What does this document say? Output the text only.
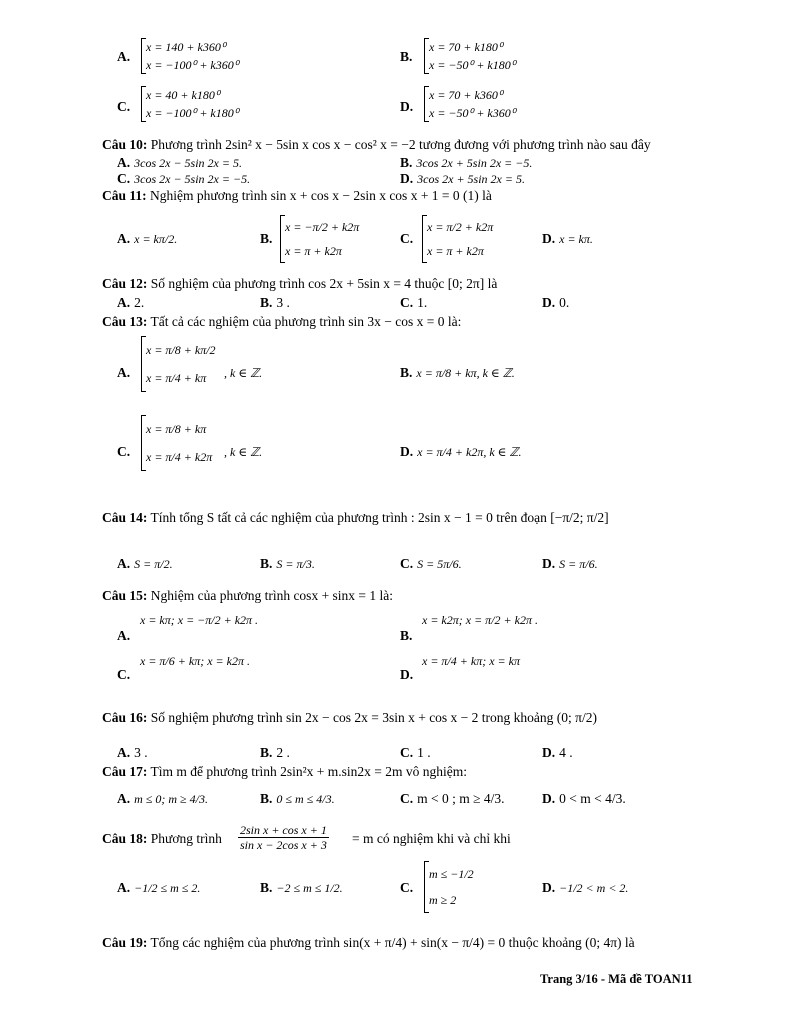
A.
x = 140 + k360⁰
x = −100⁰ + k360⁰
B.
x = 70 + k180⁰
x = −50⁰ + k180⁰
C.
x = 40 + k180⁰
x = −100⁰ + k180⁰	D.
x = 70 + k360⁰
x = −50⁰ + k360⁰
Câu 10: Phương trình 2sin² x − 5sin x cos x − cos² x = −2 tương đương với phương trình nào sau đây
A. 3cos 2x − 5sin 2x = 5.	B. 3cos 2x + 5sin 2x = −5.
C. 3cos 2x − 5sin 2x = −5.	D. 3cos 2x + 5sin 2x = 5.
Câu 11: Nghiệm phương trình sin x + cos x − 2sin x cos x + 1 = 0 (1) là
A. x = kπ/2.	B.
x = −π/2 + k2π
x = π + k2π
C.
x = π/2 + k2π
x = π + k2π
D. x = kπ.
Câu 12: Số nghiệm của phương trình cos 2x + 5sin x = 4 thuộc [0; 2π] là
A. 2.	B. 3 .	C. 1.	D. 0.
Câu 13: Tất cả các nghiệm của phương trình sin 3x − cos x = 0 là:
A.
x = π/8 + kπ/2
x = π/4 + kπ	, k ∈ ℤ.	B. x = π/8 + kπ, k ∈ ℤ.
C.
x = π/8 + kπ
x = π/4 + k2π , k ∈ ℤ.	D. x = π/4 + k2π, k ∈ ℤ.
Câu 14: Tính tổng S tất cả các nghiệm của phương trình : 2sin x − 1 = 0 trên đoạn [−π/2; π/2]
A. S = π/2.	B. S = π/3.	C. S = 5π/6.	D. S = π/6.
Câu 15: Nghiệm của phương trình cosx + sinx = 1 là:
x = kπ; x = −π/2 + k2π .
A.
x = k2π; x = π/2 + k2π .
B.
x = π/6 + kπ; x = k2π .
C.
x = π/4 + kπ; x = kπ
D.
Câu 16: Số nghiệm phương trình sin 2x − cos 2x = 3sin x + cos x − 2 trong khoảng (0; π/2)
A. 3 .	B. 2 .	C. 1 .	D. 4 .
Câu 17: Tìm m để phương trình 2sin²x + m.sin2x = 2m vô nghiệm:
A. m ≤ 0; m ≥ 4/3.	B. 0 ≤ m ≤ 4/3.	C. m < 0 ; m ≥ 4/3.	D. 0 < m < 4/3.
Câu 18: Phương trình $\frac{\text{2sin x + cos x + 1}}{\text{sin x − 2cos x + 3}} = m$ có nghiệm khi và chỉ khi
A. −1/2 ≤ m ≤ 2.	B. −2 ≤ m ≤ 1/2.	C.
m ≤ −1/2
m ≥ 2
D. −1/2 < m < 2.
Câu 19: Tổng các nghiệm của phương trình sin(x + π/4) + sin(x − π/4) = 0 thuộc khoảng (0; 4π) là
Trang 3/16 - Mã đề TOAN11
